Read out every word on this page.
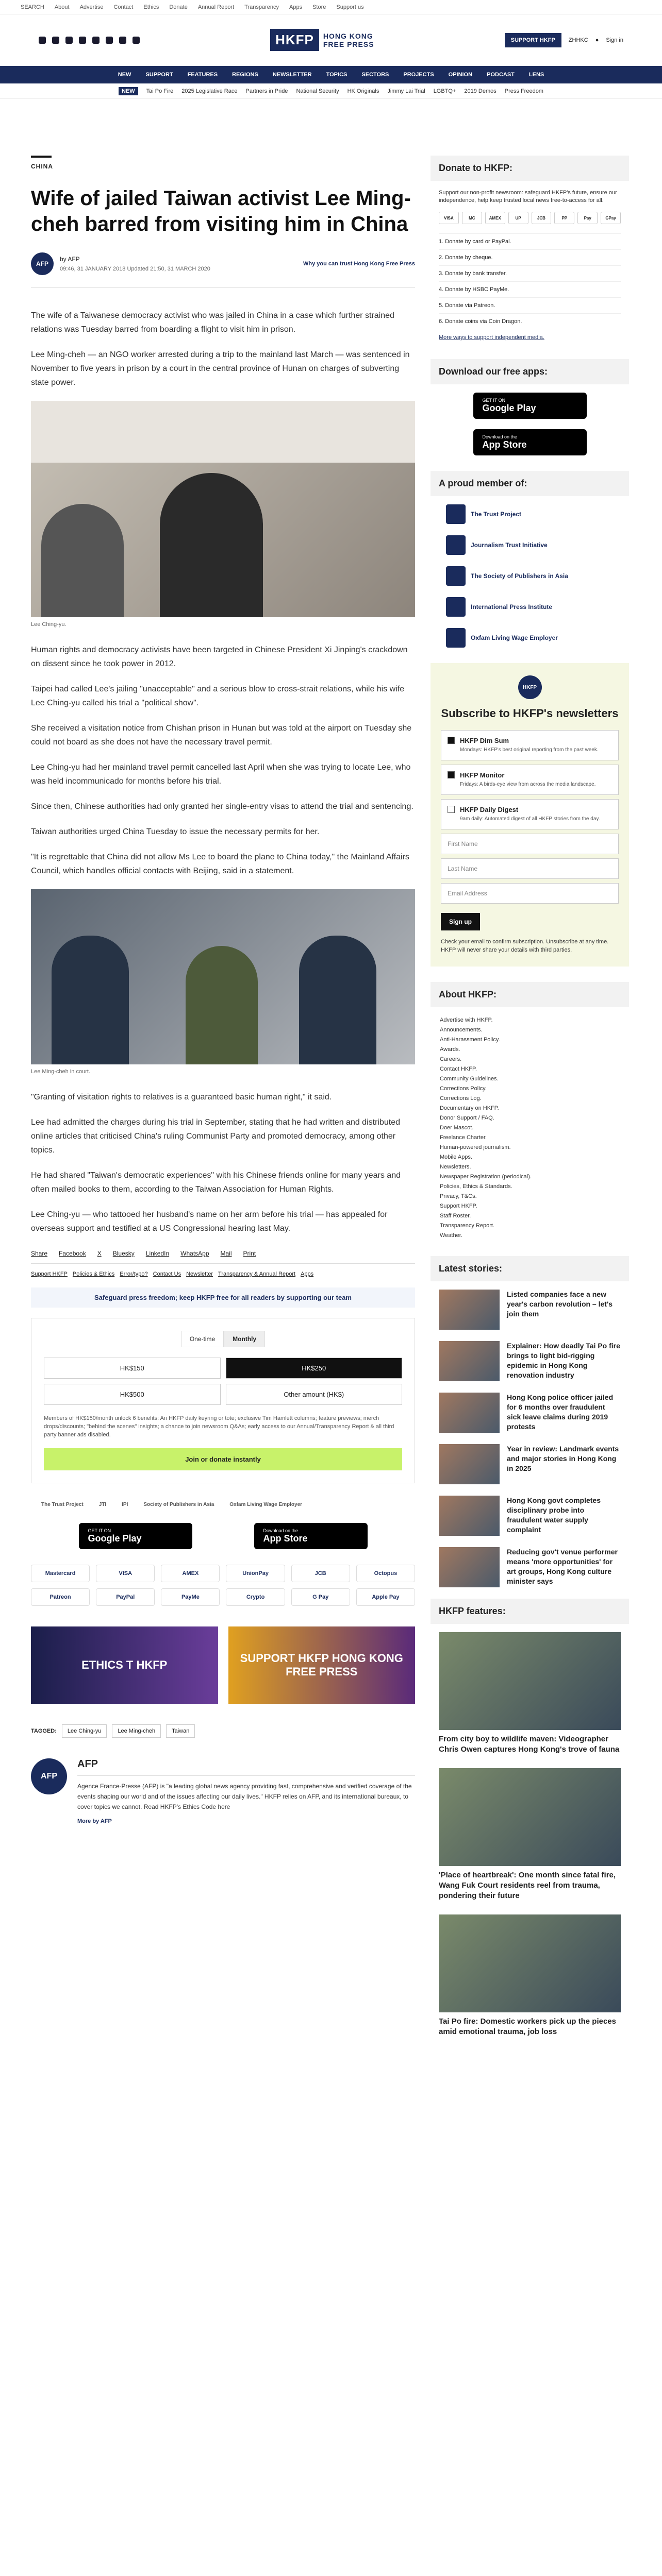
SEARCH About Advertise Contact Ethics Donate Annual Report Transparency Apps Store Support us
HKFP	HONG KONG
FREE PRESS	SUPPORT HKFP	ZHHKC ● Sign in
NEW	SUPPORT	FEATURES	REGIONS	NEWSLETTER	TOPICS	SECTORS	PROJECTS	OPINION	PODCAST	LENS
NEW	Tai Po Fire 2025 Legislative Race Partners in Pride National Security HK Originals Jimmy Lai Trial LGBTQ+ 2019 Demos Press Freedom
CHINA
Wife of jailed Taiwan activist Lee Ming-cheh barred from visiting him in China
AFP
by AFP
09:46, 31 JANUARY 2018 Updated 21:50, 31 MARCH 2020
Why you can trust Hong Kong Free Press

The wife of a Taiwanese democracy activist who was jailed in China in a case which further strained relations was Tuesday barred from boarding a flight to visit him in prison.

Lee Ming-cheh — an NGO worker arrested during a trip to the mainland last March — was sentenced in November to five years in prison by a court in the central province of Hunan on charges of subverting state power.

Lee Ching-yu.

Human rights and democracy activists have been targeted in Chinese President Xi Jinping's crackdown on dissent since he took power in 2012.

Taipei had called Lee's jailing "unacceptable" and a serious blow to cross-strait relations, while his wife Lee Ching-yu called his trial a "political show".

She received a visitation notice from Chishan prison in Hunan but was told at the airport on Tuesday she could not board as she does not have the necessary travel permit.

Lee Ching-yu had her mainland travel permit cancelled last April when she was trying to locate Lee, who was held incommunicado for months before his trial.

Since then, Chinese authorities had only granted her single-entry visas to attend the trial and sentencing.

Taiwan authorities urged China Tuesday to issue the necessary permits for her.

"It is regrettable that China did not allow Ms Lee to board the plane to China today," the Mainland Affairs Council, which handles official contacts with Beijing, said in a statement.

Lee Ming-cheh in court.

"Granting of visitation rights to relatives is a guaranteed basic human right," it said.

Lee had admitted the charges during his trial in September, stating that he had written and distributed online articles that criticised China's ruling Communist Party and promoted democracy, among other topics.

He had shared "Taiwan's democratic experiences" with his Chinese friends online for many years and often mailed books to them, according to the Taiwan Association for Human Rights.

Lee Ching-yu — who tattooed her husband's name on her arm before his trial — has appealed for overseas support and testified at a US Congressional hearing last May.

Share Facebook X Bluesky LinkedIn WhatsApp Mail Print
Support HKFP Policies & Ethics Error/typo? Contact Us Newsletter Transparency & Annual Report Apps
Safeguard press freedom; keep HKFP free for all readers by supporting our team
One-time	Monthly
HK$150	HK$250
HK$500	Other amount (HK$)
Members of HK$150/month unlock 6 benefits: An HKFP daily keyring or tote; exclusive Tim Hamlett columns; feature previews; merch drops/discounts; "behind the scenes" insights; a chance to join newsroom Q&As; early access to our Annual/Transparency Report & all third party banner ads disabled.
Join or donate instantly
The Trust Project	JTI	IPI	Society of Publishers in Asia	Oxfam Living Wage Employer
GET IT ON
Google Play
Download on the
App Store
Mastercard	VISA	AMEX	UnionPay	JCB	Octopus
Patreon	PayPal	PayMe	Crypto	G Pay	Apple Pay
ETHICS T HKFP
SUPPORT HKFP HONG KONG FREE PRESS
TAGGED:	Lee Ching-yu	Lee Ming-cheh	Taiwan
AFP
AFP

Agence France-Presse (AFP) is "a leading global news agency providing fast, comprehensive and verified coverage of the events shaping our world and of the issues affecting our daily lives." HKFP relies on AFP, and its international bureaux, to cover topics we cannot. Read HKFP's Ethics Code here

More by AFP
Donate to HKFP:
Support our non-profit newsroom: safeguard HKFP's future, ensure our independence, help keep trusted local news free-to-access for all.
VISA	MC	AMEX	UP	JCB	PP	Pay	GPay
1. Donate by card or PayPal.
2. Donate by cheque.
3. Donate by bank transfer.
4. Donate by HSBC PayMe.
5. Donate via Patreon.
6. Donate coins via Coin Dragon.
More ways to support independent media.
Download our free apps:
GET IT ON
Google Play
Download on the
App Store
A proud member of:
The Trust Project
Journalism Trust Initiative
The Society of Publishers in Asia
International Press Institute
Oxfam Living Wage Employer
HKFP
Subscribe to HKFP's newsletters
HKFP Dim Sum
Mondays: HKFP's best original reporting from the past week.
HKFP Monitor
Fridays: A birds-eye view from across the media landscape.
HKFP Daily Digest
9am daily: Automated digest of all HKFP stories from the day.
First Name
Last Name
Email Address
Sign up
Check your email to confirm subscription. Unsubscribe at any time. HKFP will never share your details with third parties.
About HKFP:
Advertise with HKFP.
Announcements.
Anti-Harassment Policy.
Awards.
Careers.
Contact HKFP.
Community Guidelines.
Corrections Policy.
Corrections Log.
Documentary on HKFP.
Donor Support / FAQ.
Doer Mascot.
Freelance Charter.
Human-powered journalism.
Mobile Apps.
Newsletters.
Newspaper Registration (periodical).
Policies, Ethics & Standards.
Privacy, T&Cs.
Support HKFP.
Staff Roster.
Transparency Report.
Weather.
Latest stories:
Listed companies face a new year's carbon revolution – let's join them
Explainer: How deadly Tai Po fire brings to light bid-rigging epidemic in Hong Kong renovation industry
Hong Kong police officer jailed for 6 months over fraudulent sick leave claims during 2019 protests
Year in review: Landmark events and major stories in Hong Kong in 2025
Hong Kong govt completes disciplinary probe into fraudulent water supply complaint
Reducing gov't venue performer means 'more opportunities' for art groups, Hong Kong culture minister says
HKFP features:
From city boy to wildlife maven: Videographer Chris Owen captures Hong Kong's trove of fauna
'Place of heartbreak': One month since fatal fire, Wang Fuk Court residents reel from trauma, pondering their future
Tai Po fire: Domestic workers pick up the pieces amid emotional trauma, job loss
